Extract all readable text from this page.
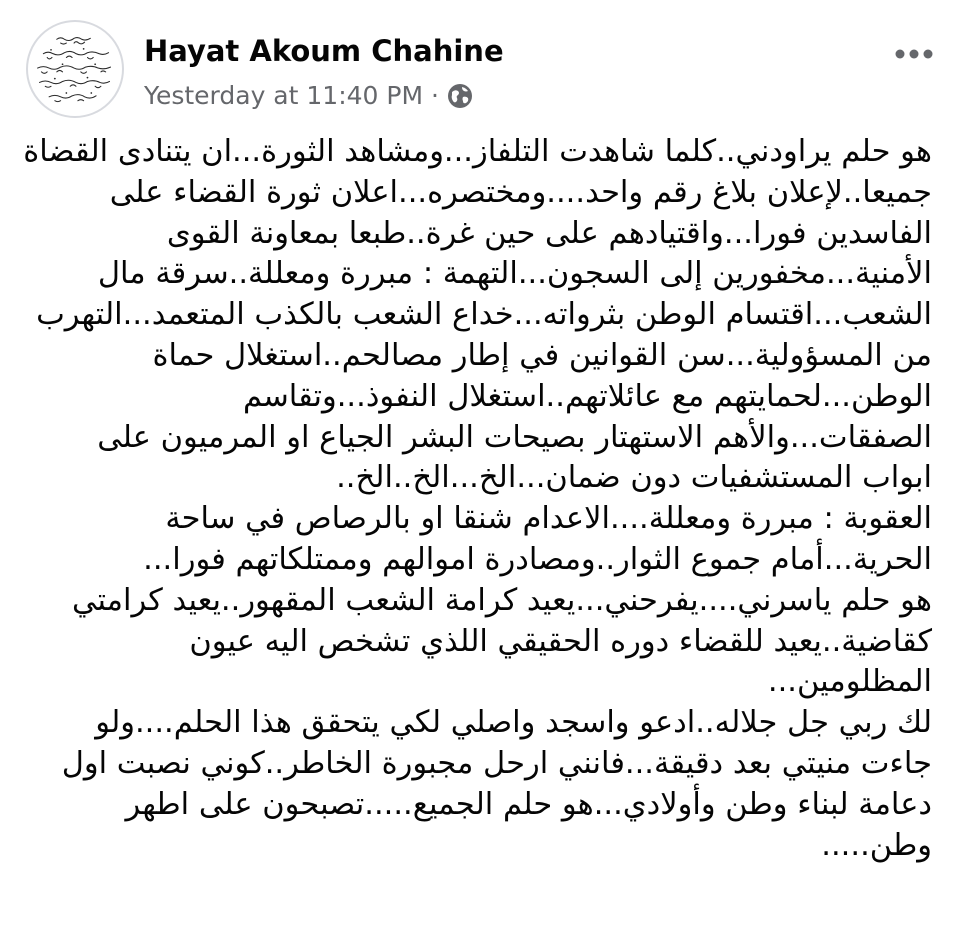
Hayat Akoum Chahine
Yesterday at 11:40 PM ·

هو حلم يراودني..كلما شاهدت التلفاز...ومشاهد الثورة...ان يتنادى القضاة جميعا..لإعلان بلاغ رقم واحد....ومختصره...اعلان ثورة القضاء على الفاسدين فورا...واقتيادهم على حين غرة..طبعا بمعاونة القوى الأمنية...مخفورين إلى السجون...التهمة : مبررة ومعللة..سرقة مال الشعب...اقتسام الوطن بثرواته...خداع الشعب بالكذب المتعمد...التهرب من المسؤولية...سن القوانين في إطار مصالحم..استغلال حماة الوطن...لحمايتهم مع عائلاتهم..استغلال النفوذ...وتقاسم الصفقات...والأهم الاستهتار بصيحات البشر الجياع او المرميون على ابواب المستشفيات دون ضمان...الخ...الخ..الخ..

العقوبة : مبررة ومعللة....الاعدام شنقا او بالرصاص في ساحة الحرية...أمام جموع الثوار..ومصادرة اموالهم وممتلكاتهم فورا...

هو حلم ياسرني....يفرحني...يعيد كرامة الشعب المقهور..يعيد كرامتي كقاضية..يعيد للقضاء دوره الحقيقي اللذي تشخص اليه عيون المظلومين...

لك ربي جل جلاله..ادعو واسجد واصلي لكي يتحقق هذا الحلم....ولو جاءت منيتي بعد دقيقة...فانني ارحل مجبورة الخاطر..كوني نصبت اول دعامة لبناء وطن وأولادي...هو حلم الجميع.....تصبحون على اطهر وطن.....
